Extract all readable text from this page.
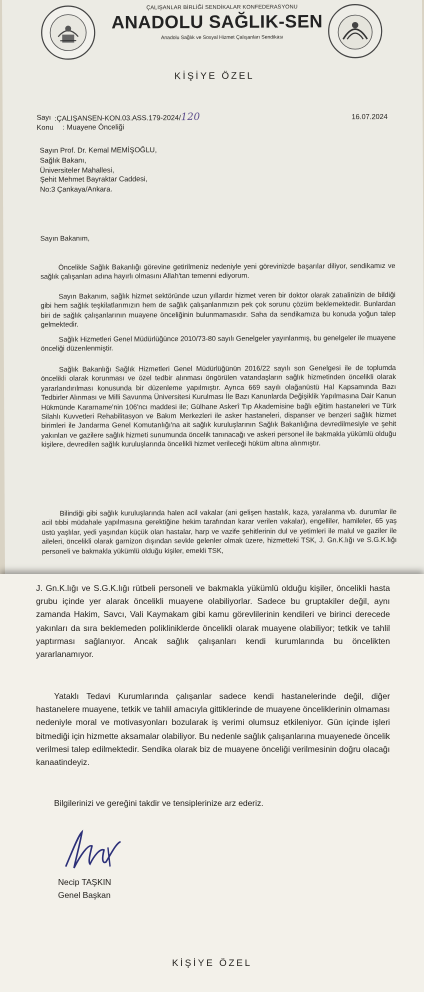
ÇALIŞANLAR BİRLİĞİ SENDİKALAR KONFEDERASYONU
ANADOLU SAĞLIK-SEN
Anadolu Sağlık ve Sosyal Hizmet Çalışanları Sendikası
KİŞİYE ÖZEL
Sayı :ÇALIŞANSEN-KON.03.ASS.179-2024/120	16.07.2024
Konu : Muayene Önceliği
Sayın Prof. Dr. Kemal MEMİŞOĞLU,
Sağlık Bakanı,
Üniversiteler Mahallesi,
Şehit Mehmet Bayraktar Caddesi,
No:3 Çankaya/Ankara.
Sayın Bakanım,
Öncelikle Sağlık Bakanlığı görevine getirilmeniz nedeniyle yeni görevinizde başarılar diliyor, sendikamız ve sağlık çalışanları adına hayırlı olmasını Allah'tan temenni ediyorum.
Sayın Bakanım, sağlık hizmet sektöründe uzun yıllardır hizmet veren bir doktor olarak zatıalinizin de bildiği gibi hem sağlık teşkilatlarımızın hem de sağlık çalışanlarımızın pek çok sorunu çözüm beklemektedir. Bunlardan biri de sağlık çalışanlarının muayene önceliğinin bulunmamasıdır. Saha da sendikamıza bu konuda yoğun talep gelmektedir.
Sağlık Hizmetleri Genel Müdürlüğünce 2010/73-80 sayılı Genelgeler yayınlanmış, bu genelgeler ile muayene önceliği düzenlenmiştir.
Sağlık Bakanlığı Sağlık Hizmetleri Genel Müdürlüğünün 2016/22 sayılı son Genelgesi ile de toplumda öncelikli olarak korunması ve özel tedbir alınması öngörülen vatandaşların sağlık hizmetinden öncelikli olarak yararlandırılması konusunda bir düzenleme yapılmıştır. Ayrıca 669 sayılı olağanüstü Hal Kapsamında Bazı Tedbirler Alınması ve Milli Savunma Üniversitesi Kurulması İle Bazı Kanunlarda Değişiklik Yapılmasına Dair Kanun Hükmünde Kararname'nin 106'ncı maddesi ile; Gülhane Askerî Tıp Akademisine bağlı eğitim hastaneleri ve Türk Silahlı Kuvvetleri Rehabilitasyon ve Bakım Merkezleri ile asker hastaneleri, dispanser ve benzeri sağlık hizmet birimleri ile Jandarma Genel Komutanlığı'na ait sağlık kuruluşlarının Sağlık Bakanlığına devredilmesiyle ve şehit yakınları ve gazilere sağlık hizmeti sunumunda öncelik tanınacağı ve askeri personel ile bakmakla yükümlü olduğu kişilere, devredilen sağlık kuruluşlarında öncelikli hizmet verileceği hüküm altına alınmıştır.
Bilindiği gibi sağlık kuruluşlarında halen acil vakalar (ani gelişen hastalık, kaza, yaralanma vb. durumlar ile acil tıbbi müdahale yapılmasına gerektiğine hekim tarafından karar verilen vakalar), engelliler, hamileler, 65 yaş üstü yaşlılar, yedi yaşından küçük olan hastalar, harp ve vazife şehitlerinin dul ve yetimleri ile malul ve gaziler ile aileleri, öncelikli olarak garnizon dışından sevkle gelenler olmak üzere, hizmetteki TSK, J. Gn.K.lığı ve S.G.K.lığı personeli ve bakmakla yükümlü olduğu kişiler, emekli TSK,
J. Gn.K.lığı ve S.G.K.lığı rütbeli personeli ve bakmakla yükümlü olduğu kişiler, öncelikli hasta grubu içinde yer alarak öncelikli muayene olabiliyorlar. Sadece bu gruptakiler değil, aynı zamanda Hakim, Savcı, Vali Kaymakam gibi kamu görevlilerinin kendileri ve birinci derecede yakınları da sıra beklemeden polikliniklerde öncelikli olarak muayene olabiliyor; tetkik ve tahlil yaptırması sağlanıyor. Ancak sağlık çalışanları kendi kurumlarında bu öncelikten yararlanamıyor.
Yataklı Tedavi Kurumlarında çalışanlar sadece kendi hastanelerinde değil, diğer hastanelere muayene, tetkik ve tahlil amacıyla gittiklerinde de muayene önceliklerinin olmaması nedeniyle moral ve motivasyonları bozularak iş verimi olumsuz etkileniyor. Gün içinde işleri bitmediği için hizmette aksamalar olabiliyor. Bu nedenle sağlık çalışanlarına muayenede öncelik verilmesi talep edilmektedir. Sendika olarak biz de muayene önceliği verilmesinin doğru olacağı kanaatindeyiz.
Bilgilerinizi ve gereğini takdir ve tensiplerinize arz ederiz.
Necip TAŞKIN
Genel Başkan
KİŞİYE ÖZEL
